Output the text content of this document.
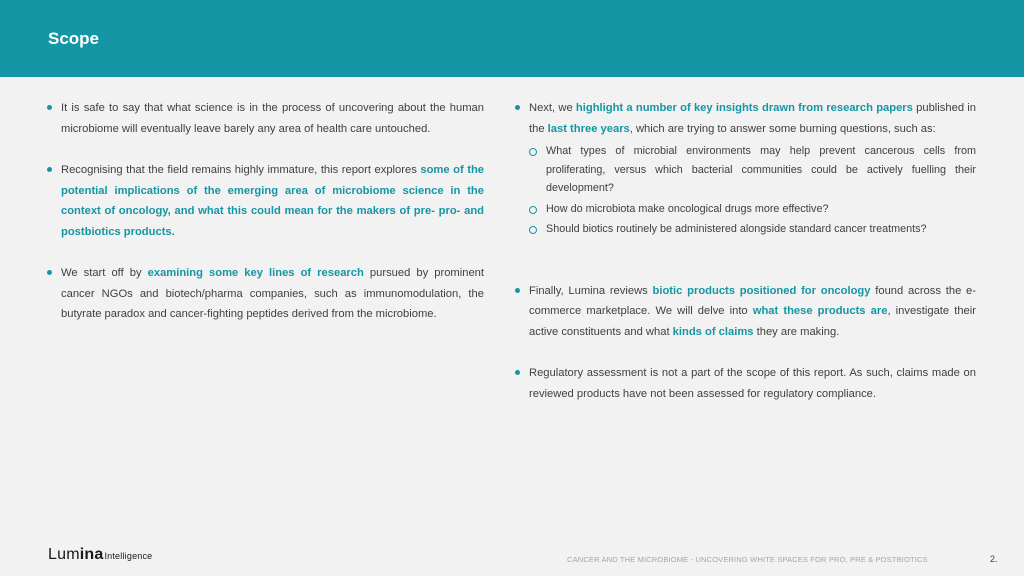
Scope
It is safe to say that what science is in the process of uncovering about the human microbiome will eventually leave barely any area of health care untouched.
Recognising that the field remains highly immature, this report explores some of the potential implications of the emerging area of microbiome science in the context of oncology, and what this could mean for the makers of pre- pro- and postbiotics products.
We start off by examining some key lines of research pursued by prominent cancer NGOs and biotech/pharma companies, such as immunomodulation, the butyrate paradox and cancer-fighting peptides derived from the microbiome.
Next, we highlight a number of key insights drawn from research papers published in the last three years, which are trying to answer some burning questions, such as:
What types of microbial environments may help prevent cancerous cells from proliferating, versus which bacterial communities could be actively fuelling their development?
How do microbiota make oncological drugs more effective?
Should biotics routinely be administered alongside standard cancer treatments?
Finally, Lumina reviews biotic products positioned for oncology found across the e-commerce marketplace. We will delve into what these products are, investigate their active constituents and what kinds of claims they are making.
Regulatory assessment is not a part of the scope of this report. As such, claims made on reviewed products have not been assessed for regulatory compliance.
LuminaIntelligence	CANCER AND THE MICROBIOME - UNCOVERING WHITE SPACES FOR PRO, PRE & POSTBIOTICS	2.
